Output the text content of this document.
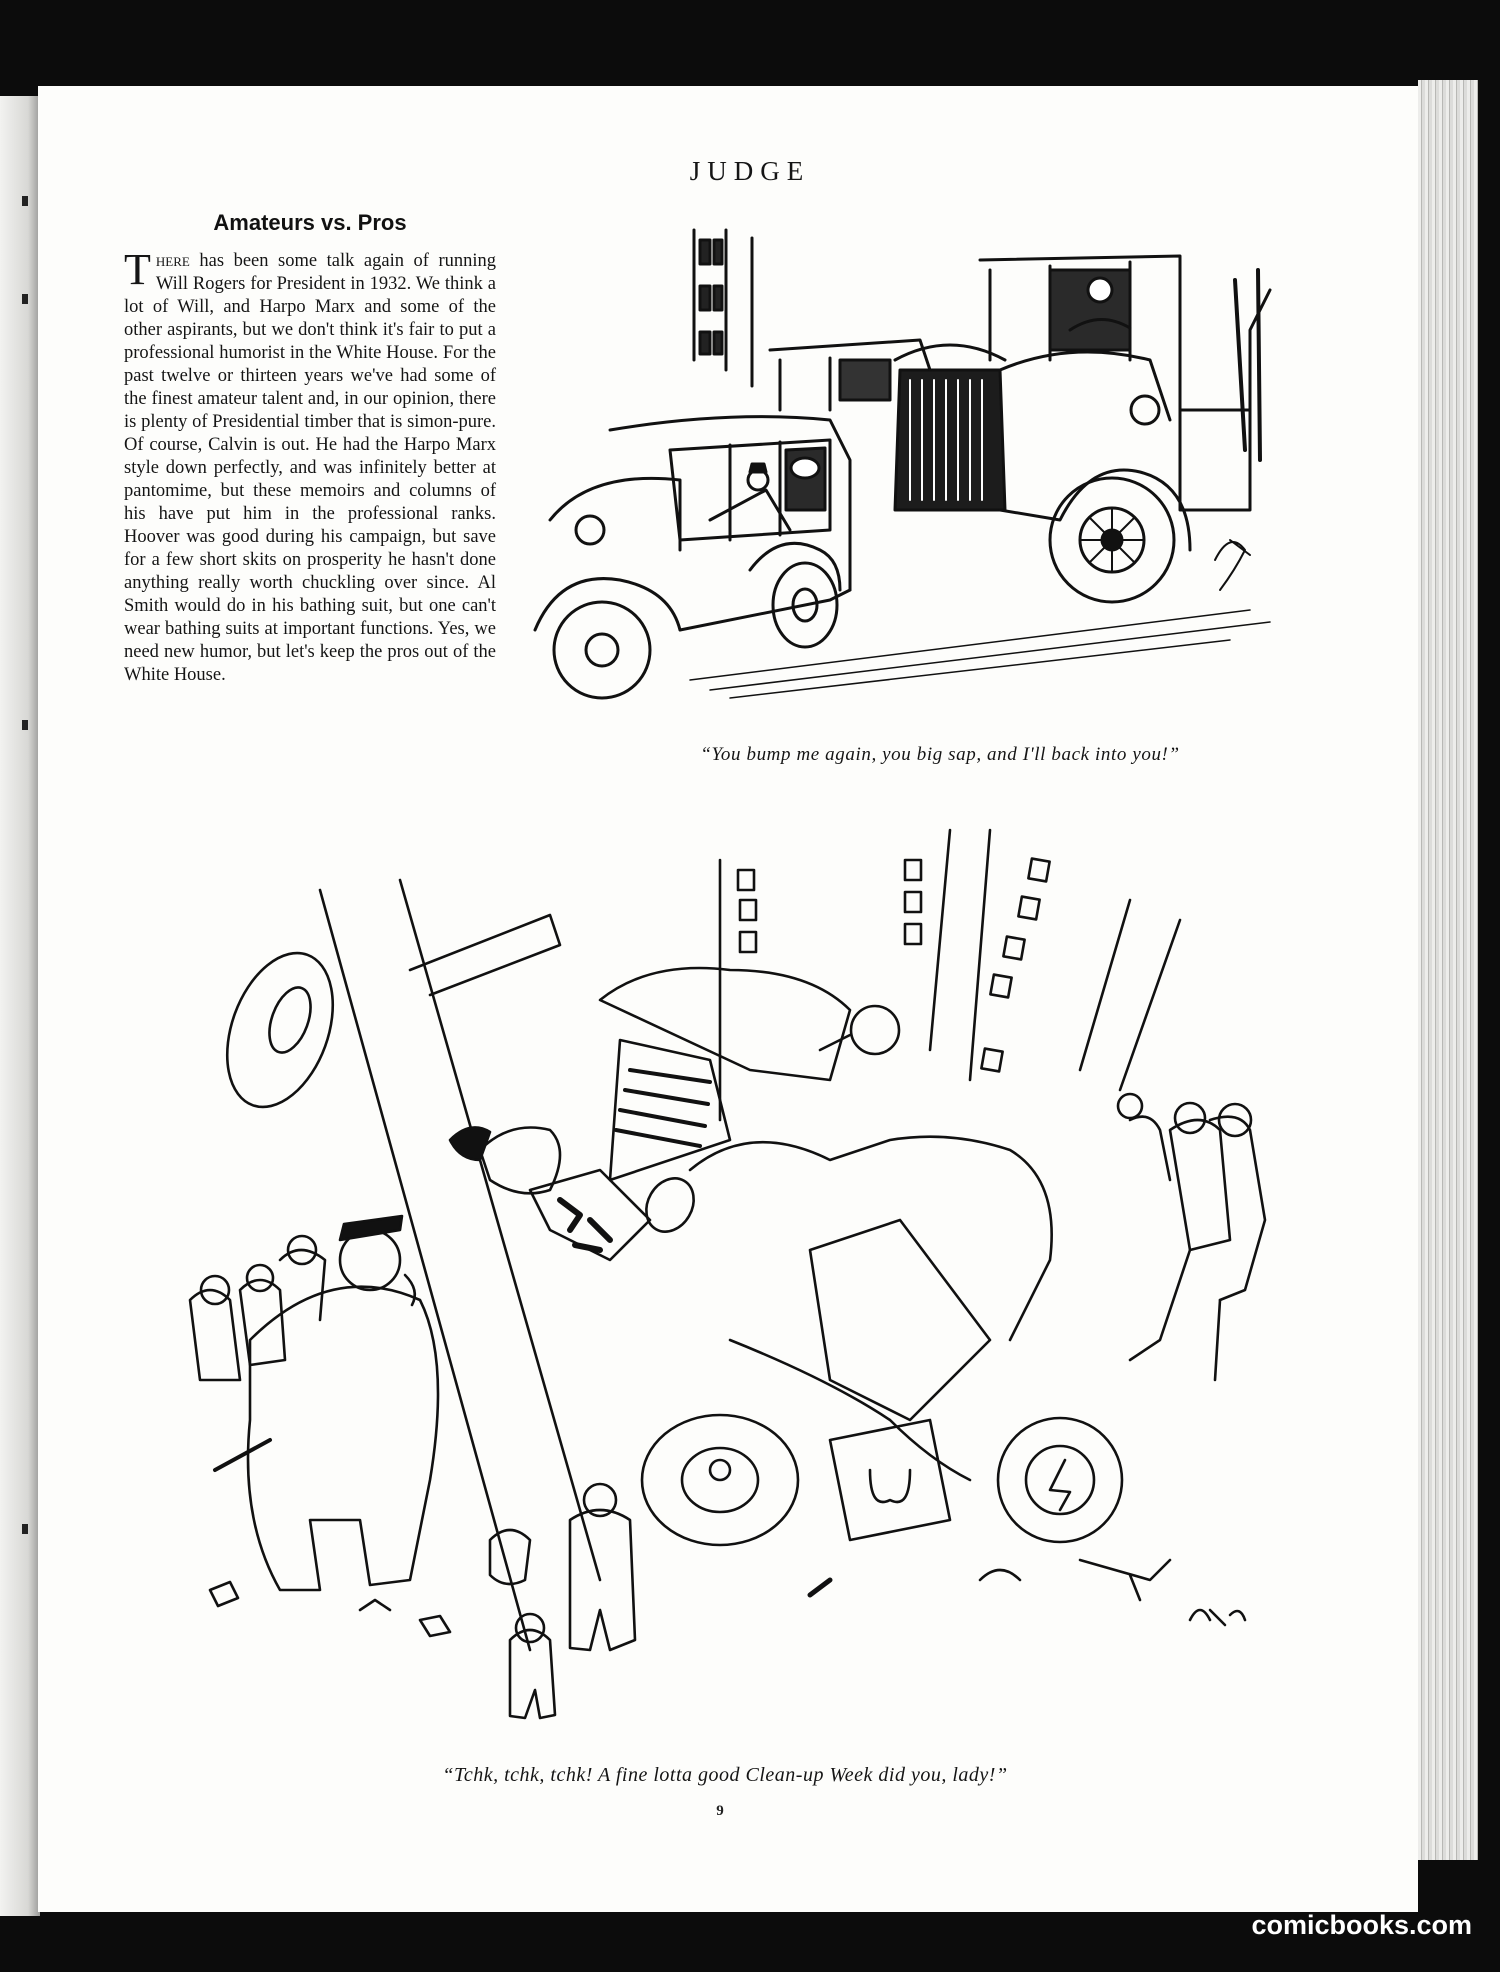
JUDGE
Amateurs vs. Pros
There has been some talk again of running Will Rogers for President in 1932. We think a lot of Will, and Harpo Marx and some of the other aspirants, but we don't think it's fair to put a professional humorist in the White House. For the past twelve or thirteen years we've had some of the finest amateur talent and, in our opinion, there is plenty of Presidential timber that is simon-pure. Of course, Calvin is out. He had the Harpo Marx style down perfectly, and was infinitely better at pantomime, but these memoirs and columns of his have put him in the professional ranks. Hoover was good during his campaign, but save for a few short skits on prosperity he hasn't done anything really worth chuckling over since. Al Smith would do in his bathing suit, but one can't wear bathing suits at important functions. Yes, we need new humor, but let's keep the pros out of the White House.
“You bump me again, you big sap, and I'll back into you!”
“Tchk, tchk, tchk! A fine lotta good Clean-up Week did you, lady!”
9
comicbooks.com
